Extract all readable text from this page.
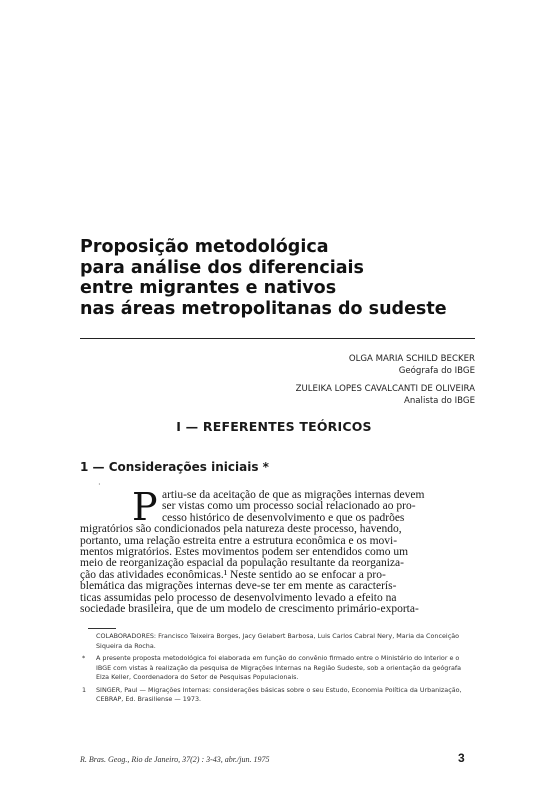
Proposição metodológica
para análise dos diferenciais
entre migrantes e nativos
nas áreas metropolitanas do sudeste
OLGA MARIA SCHILD BECKER
Geógrafa do IBGE
ZULEIKA LOPES CAVALCANTI DE OLIVEIRA
Analista do IBGE
I — REFERENTES TEÓRICOS
1 — Considerações iniciais *
·
P artiu-se da aceitação de que as migrações internas devem
ser vistas como um processo social relacionado ao pro-
cesso histórico de desenvolvimento e que os padrões
migratórios são condicionados pela natureza deste processo, havendo,
portanto, uma relação estreita entre a estrutura econômica e os movi-
mentos migratórios. Estes movimentos podem ser entendidos como um
meio de reorganização espacial da população resultante da reorganiza-
ção das atividades econômicas.¹ Neste sentido ao se enfocar a pro-
blemática das migrações internas deve-se ter em mente as caracterís-
ticas assumidas pelo processo de desenvolvimento levado a efeito na
sociedade brasileira, que de um modelo de crescimento primário-exporta-
COLABORADORES: Francisco Teixeira Borges, Jacy Gelabert Barbosa, Luis Carlos Cabral Nery, Maria da Conceição Siqueira da Rocha.
* A presente proposta metodológica foi elaborada em função do convênio firmado entre o Ministério do Interior e o IBGE com vistas à realização da pesquisa de Migrações Internas na Região Sudeste, sob a orientação da geógrafa Elza Keller, Coordenadora do Setor de Pesquisas Populacionais.
1 SINGER, Paul — Migrações Internas: considerações básicas sobre o seu Estudo, Economia Política da Urbanização, CEBRAP, Ed. Brasiliense — 1973.
R. Bras. Geog., Rio de Janeiro, 37(2) : 3-43, abr./jun. 1975	3
